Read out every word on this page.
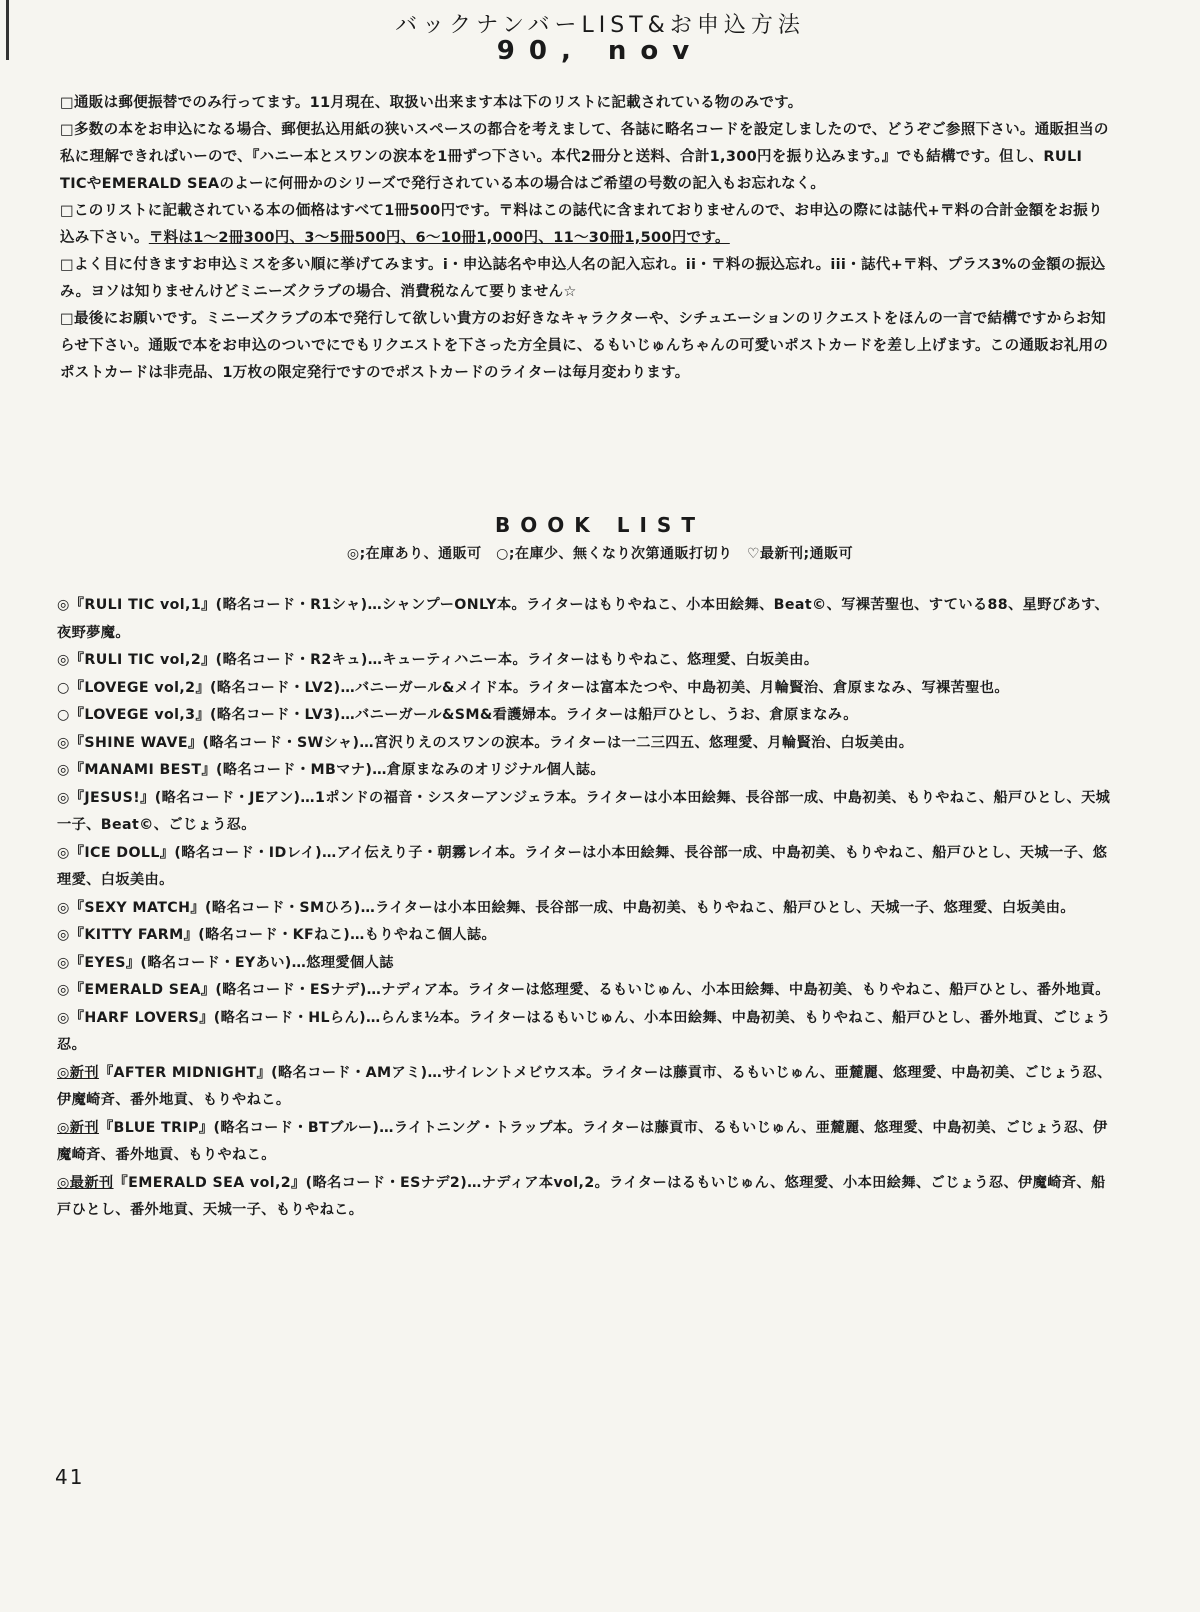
バックナンバーLIST&お申込方法
90, nov

□通販は郵便振替でのみ行ってます。11月現在、取扱い出来ます本は下のリストに記載されている物のみです。

□多数の本をお申込になる場合、郵便払込用紙の狭いスペースの都合を考えまして、各誌に略名コードを設定しましたので、どうぞご参照下さい。通販担当の私に理解できればいーので、『ハニー本とスワンの涙本を1冊ずつ下さい。本代2冊分と送料、合計1,300円を振り込みます。』でも結構です。但し、RULI TICやEMERALD SEAのよーに何冊かのシリーズで発行されている本の場合はご希望の号数の記入もお忘れなく。

□このリストに記載されている本の価格はすべて1冊500円です。〒料はこの誌代に含まれておりませんので、お申込の際には誌代+〒料の合計金額をお振り込み下さい。〒料は1〜2冊300円、3〜5冊500円、6〜10冊1,000円、11〜30冊1,500円です。

□よく目に付きますお申込ミスを多い順に挙げてみます。i・申込誌名や申込人名の記入忘れ。ii・〒料の振込忘れ。iii・誌代+〒料、プラス3%の金額の振込み。ヨソは知りませんけどミニーズクラブの場合、消費税なんて要りません☆

□最後にお願いです。ミニーズクラブの本で発行して欲しい貴方のお好きなキャラクターや、シチュエーションのリクエストをほんの一言で結構ですからお知らせ下さい。通販で本をお申込のついでにでもリクエストを下さった方全員に、るもいじゅんちゃんの可愛いポストカードを差し上げます。この通販お礼用のポストカードは非売品、1万枚の限定発行ですのでポストカードのライターは毎月変わります。

BOOK LIST
◎;在庫あり、通販可　○;在庫少、無くなり次第通販打切り　♡最新刊;通販可

◎『RULI TIC vol,1』(略名コード・R1シャ)…シャンプーONLY本。ライターはもりやねこ、小本田絵舞、Beat©、写裸苦聖也、すている88、星野びあす、夜野夢魔。

◎『RULI TIC vol,2』(略名コード・R2キュ)…キューティハニー本。ライターはもりやねこ、悠理愛、白坂美由。

○『LOVEGE vol,2』(略名コード・LV2)…バニーガール&メイド本。ライターは富本たつや、中島初美、月輪賢治、倉原まなみ、写裸苦聖也。

○『LOVEGE vol,3』(略名コード・LV3)…バニーガール&SM&看護婦本。ライターは船戸ひとし、うお、倉原まなみ。

◎『SHINE WAVE』(略名コード・SWシャ)…宮沢りえのスワンの涙本。ライターは一二三四五、悠理愛、月輪賢治、白坂美由。

◎『MANAMI BEST』(略名コード・MBマナ)…倉原まなみのオリジナル個人誌。

◎『JESUS!』(略名コード・JEアン)…1ポンドの福音・シスターアンジェラ本。ライターは小本田絵舞、長谷部一成、中島初美、もりやねこ、船戸ひとし、天城一子、Beat©、ごじょう忍。

◎『ICE DOLL』(略名コード・IDレイ)…アイ伝えり子・朝霧レイ本。ライターは小本田絵舞、長谷部一成、中島初美、もりやねこ、船戸ひとし、天城一子、悠理愛、白坂美由。

◎『SEXY MATCH』(略名コード・SMひろ)…ライターは小本田絵舞、長谷部一成、中島初美、もりやねこ、船戸ひとし、天城一子、悠理愛、白坂美由。

◎『KITTY FARM』(略名コード・KFねこ)…もりやねこ個人誌。

◎『EYES』(略名コード・EYあい)…悠理愛個人誌

◎『EMERALD SEA』(略名コード・ESナデ)…ナディア本。ライターは悠理愛、るもいじゅん、小本田絵舞、中島初美、もりやねこ、船戸ひとし、番外地貢。

◎『HARF LOVERS』(略名コード・HLらん)…らんま½本。ライターはるもいじゅん、小本田絵舞、中島初美、もりやねこ、船戸ひとし、番外地貢、ごじょう忍。

◎新刊『AFTER MIDNIGHT』(略名コード・AMアミ)…サイレントメビウス本。ライターは藤貢市、るもいじゅん、亜麓麗、悠理愛、中島初美、ごじょう忍、伊魔崎斉、番外地貢、もりやねこ。

◎新刊『BLUE TRIP』(略名コード・BTブルー)…ライトニング・トラップ本。ライターは藤貢市、るもいじゅん、亜麓麗、悠理愛、中島初美、ごじょう忍、伊魔崎斉、番外地貢、もりやねこ。

◎最新刊『EMERALD SEA vol,2』(略名コード・ESナデ2)…ナディア本vol,2。ライターはるもいじゅん、悠理愛、小本田絵舞、ごじょう忍、伊魔崎斉、船戸ひとし、番外地貢、天城一子、もりやねこ。

41
